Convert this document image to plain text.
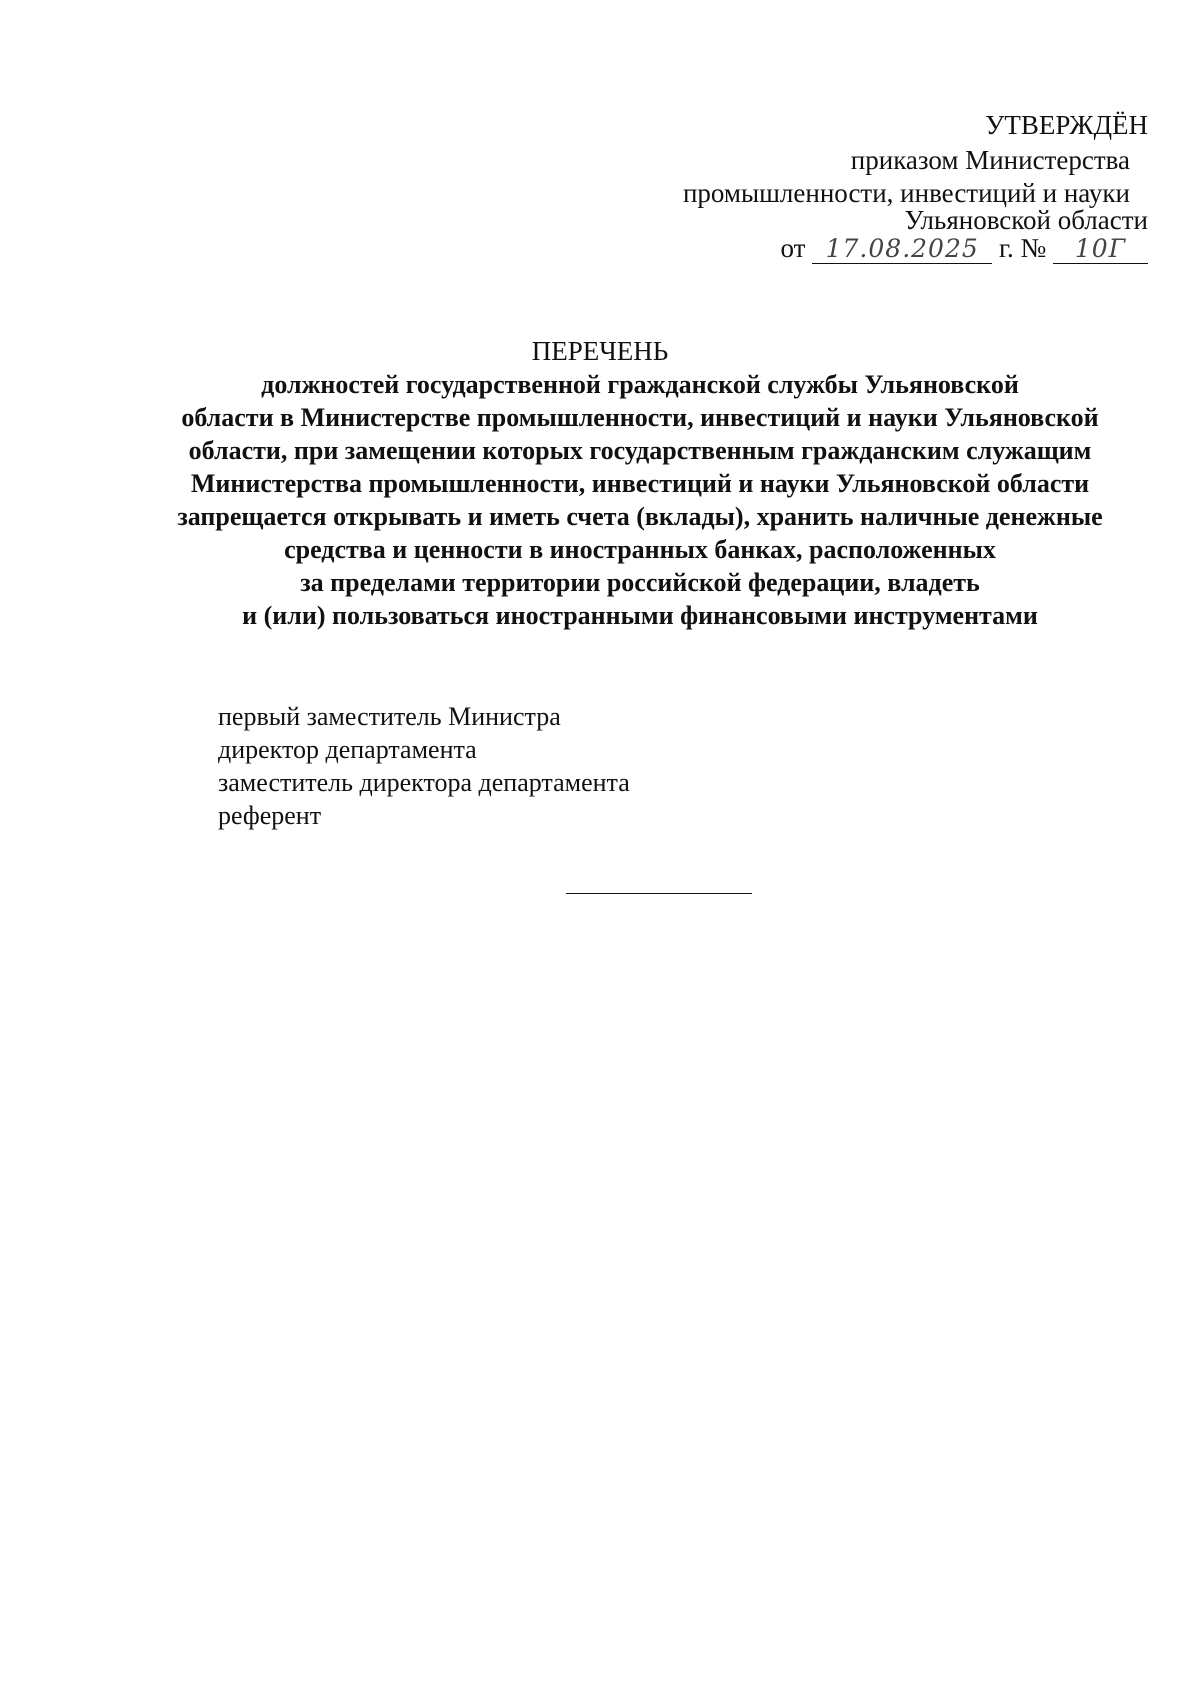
УТВЕРЖДЁН
приказом Министерства
промышленности, инвестиций и науки
Ульяновской области
от 17.08.2025 г. № 10Г
ПЕРЕЧЕНЬ
должностей государственной гражданской службы Ульяновской
области в Министерстве промышленности, инвестиций и науки Ульяновской
области, при замещении которых государственным гражданским служащим
Министерства промышленности, инвестиций и науки Ульяновской области
запрещается открывать и иметь счета (вклады), хранить наличные денежные
средства и ценности в иностранных банках, расположенных
за пределами территории российской федерации, владеть
и (или) пользоваться иностранными финансовыми инструментами
первый заместитель Министра
директор департамента
заместитель директора департамента
референт
